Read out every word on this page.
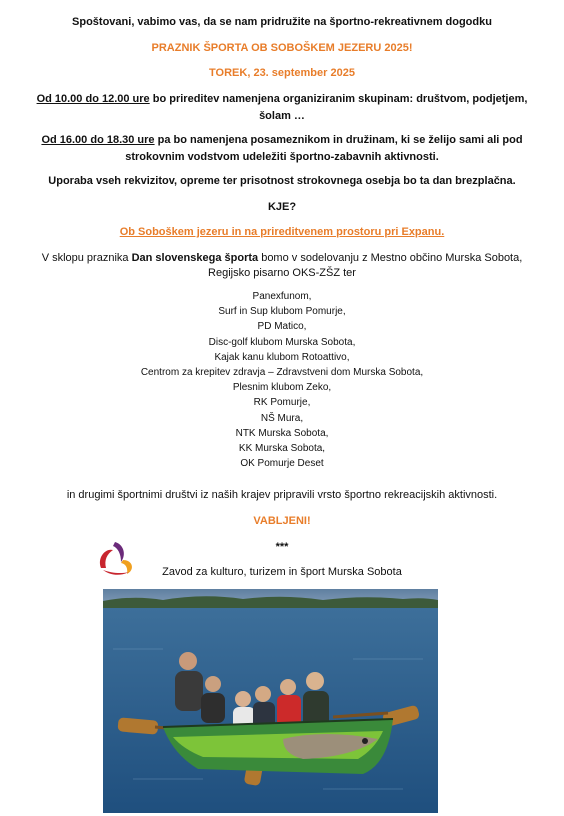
Spoštovani, vabimo vas, da se nam pridružite na športno-rekreativnem dogodku
PRAZNIK ŠPORTA OB SOBOŠKEM JEZERU 2025!
TOREK, 23. september 2025
Od 10.00 do 12.00 ure bo prireditev namenjena organiziranim skupinam: društvom, podjetjem,
šolam …
Od 16.00 do 18.30 ure pa bo namenjena posameznikom in družinam, ki se želijo sami ali pod
strokovnim vodstvom udeležiti športno-zabavnih aktivnosti.
Uporaba vseh rekvizitov, opreme ter prisotnost strokovnega osebja bo ta dan brezplačna.
KJE?
Ob Soboškem jezeru in na prireditvenem prostoru pri Expanu.
V sklopu praznika Dan slovenskega športa bomo v sodelovanju z Mestno občino Murska Sobota,
Regijsko pisarno OKS-ZŠZ ter
Panexfunom,
Surf in Sup klubom Pomurje,
PD Matico,
Disc-golf klubom Murska Sobota,
Kajak kanu klubom Rotoattivo,
Centrom za krepitev zdravja – Zdravstveni dom Murska Sobota,
Plesnim klubom Zeko,
RK Pomurje,
NŠ Mura,
NTK Murska Sobota,
KK Murska Sobota,
OK Pomurje Deset
in drugimi športnimi društvi iz naših krajev pripravili vrsto športno rekreacijskih aktivnosti.
VABLJENI!
***
Zavod za kulturo, turizem in šport Murska Sobota
